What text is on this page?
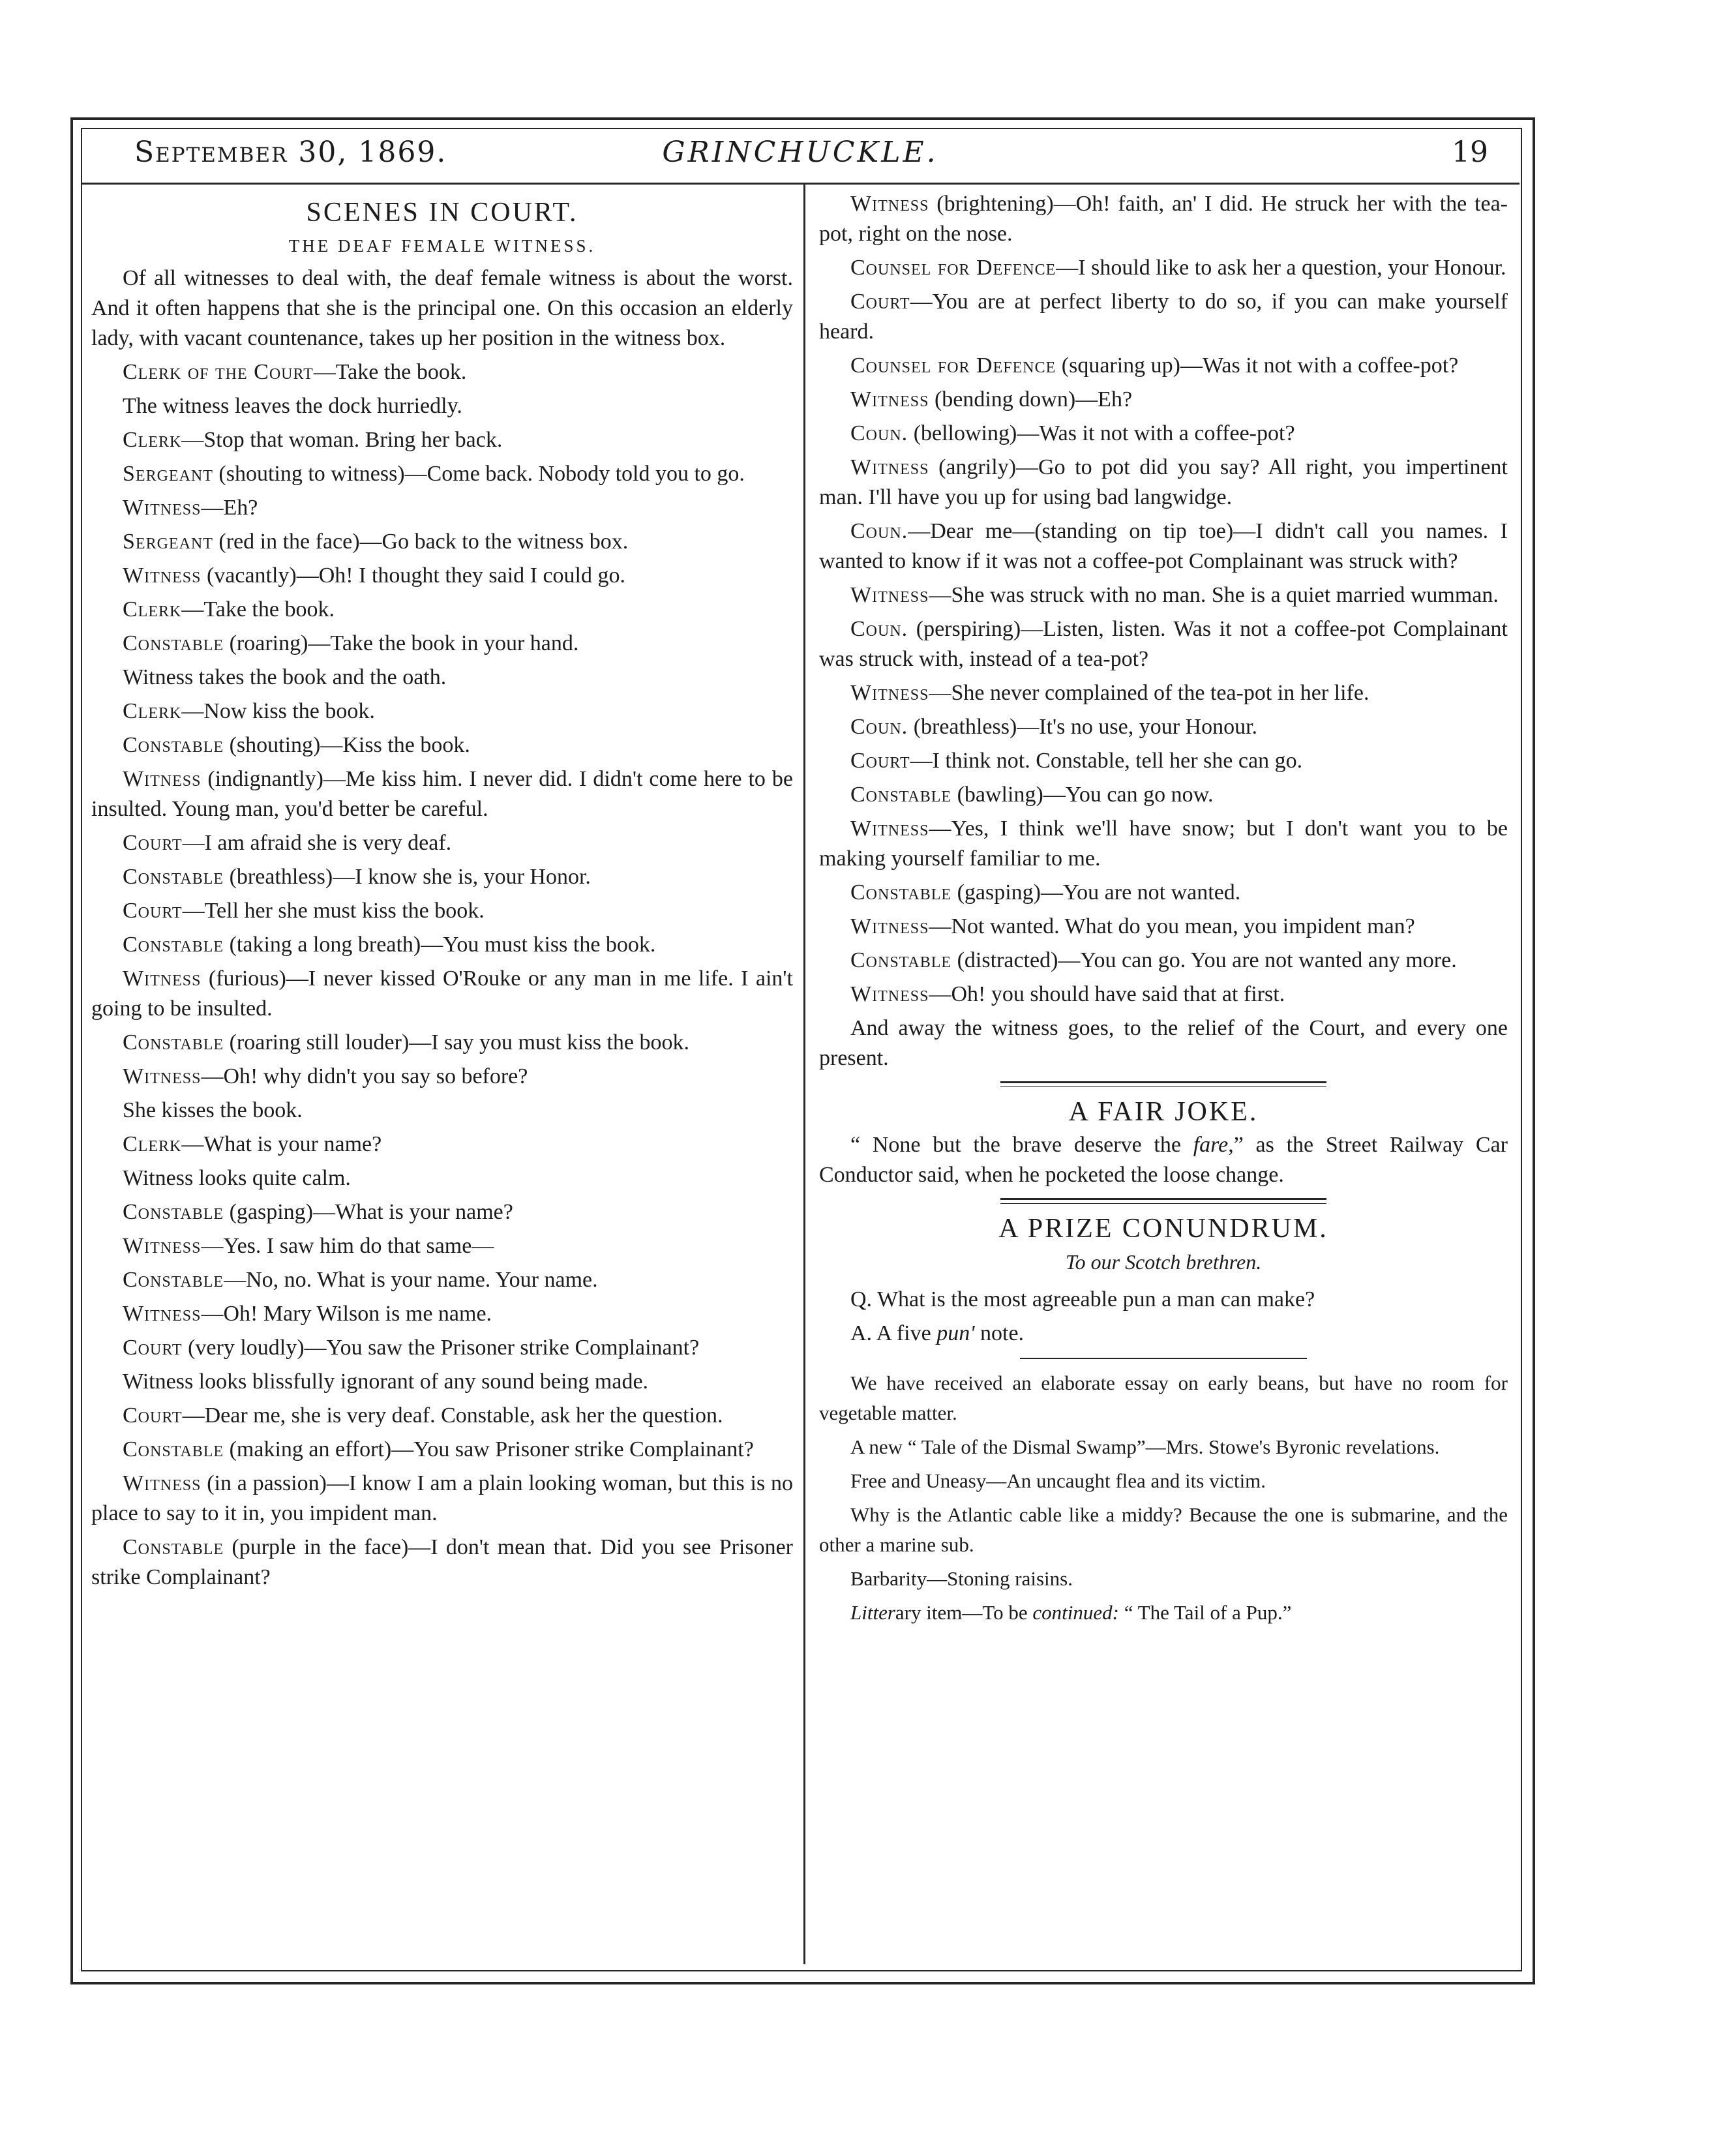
September 30, 1869.	GRINCHUCKLE.	19
SCENES IN COURT.
THE DEAF FEMALE WITNESS.

Of all witnesses to deal with, the deaf female witness is about the worst. And it often happens that she is the principal one. On this occasion an elderly lady, with vacant countenance, takes up her position in the witness box.

Clerk of the Court—Take the book.

The witness leaves the dock hurriedly.

Clerk—Stop that woman. Bring her back.

Sergeant (shouting to witness)—Come back. Nobody told you to go.

Witness—Eh?

Sergeant (red in the face)—Go back to the witness box.

Witness (vacantly)—Oh! I thought they said I could go.

Clerk—Take the book.

Constable (roaring)—Take the book in your hand.

Witness takes the book and the oath.

Clerk—Now kiss the book.

Constable (shouting)—Kiss the book.

Witness (indignantly)—Me kiss him. I never did. I didn't come here to be insulted. Young man, you'd better be careful.

Court—I am afraid she is very deaf.

Constable (breathless)—I know she is, your Honor.

Court—Tell her she must kiss the book.

Constable (taking a long breath)—You must kiss the book.

Witness (furious)—I never kissed O'Rouke or any man in me life. I ain't going to be insulted.

Constable (roaring still louder)—I say you must kiss the book.

Witness—Oh! why didn't you say so before?

She kisses the book.

Clerk—What is your name?

Witness looks quite calm.

Constable (gasping)—What is your name?

Witness—Yes. I saw him do that same—

Constable—No, no. What is your name. Your name.

Witness—Oh! Mary Wilson is me name.

Court (very loudly)—You saw the Prisoner strike Complainant?

Witness looks blissfully ignorant of any sound being made.

Court—Dear me, she is very deaf. Constable, ask her the question.

Constable (making an effort)—You saw Prisoner strike Complainant?

Witness (in a passion)—I know I am a plain looking woman, but this is no place to say to it in, you impident man.

Constable (purple in the face)—I don't mean that. Did you see Prisoner strike Complainant?

Witness (brightening)—Oh! faith, an' I did. He struck her with the tea-pot, right on the nose.

Counsel for Defence—I should like to ask her a question, your Honour.

Court—You are at perfect liberty to do so, if you can make yourself heard.

Counsel for Defence (squaring up)—Was it not with a coffee-pot?

Witness (bending down)—Eh?

Coun. (bellowing)—Was it not with a coffee-pot?

Witness (angrily)—Go to pot did you say? All right, you impertinent man. I'll have you up for using bad langwidge.

Coun.—Dear me—(standing on tip toe)—I didn't call you names. I wanted to know if it was not a coffee-pot Complainant was struck with?

Witness—She was struck with no man. She is a quiet married wumman.

Coun. (perspiring)—Listen, listen. Was it not a coffee-pot Complainant was struck with, instead of a tea-pot?

Witness—She never complained of the tea-pot in her life.

Coun. (breathless)—It's no use, your Honour.

Court—I think not. Constable, tell her she can go.

Constable (bawling)—You can go now.

Witness—Yes, I think we'll have snow; but I don't want you to be making yourself familiar to me.

Constable (gasping)—You are not wanted.

Witness—Not wanted. What do you mean, you impident man?

Constable (distracted)—You can go. You are not wanted any more.

Witness—Oh! you should have said that at first.

And away the witness goes, to the relief of the Court, and every one present.

A FAIR JOKE.

“ None but the brave deserve the fare,” as the Street Railway Car Conductor said, when he pocketed the loose change.

A PRIZE CONUNDRUM.
To our Scotch brethren.

Q. What is the most agreeable pun a man can make?

A. A five pun' note.

We have received an elaborate essay on early beans, but have no room for vegetable matter.

A new “ Tale of the Dismal Swamp”—Mrs. Stowe's Byronic revelations.

Free and Uneasy—An uncaught flea and its victim.

Why is the Atlantic cable like a middy? Because the one is submarine, and the other a marine sub.

Barbarity—Stoning raisins.

Litterary item—To be continued: “ The Tail of a Pup.”
